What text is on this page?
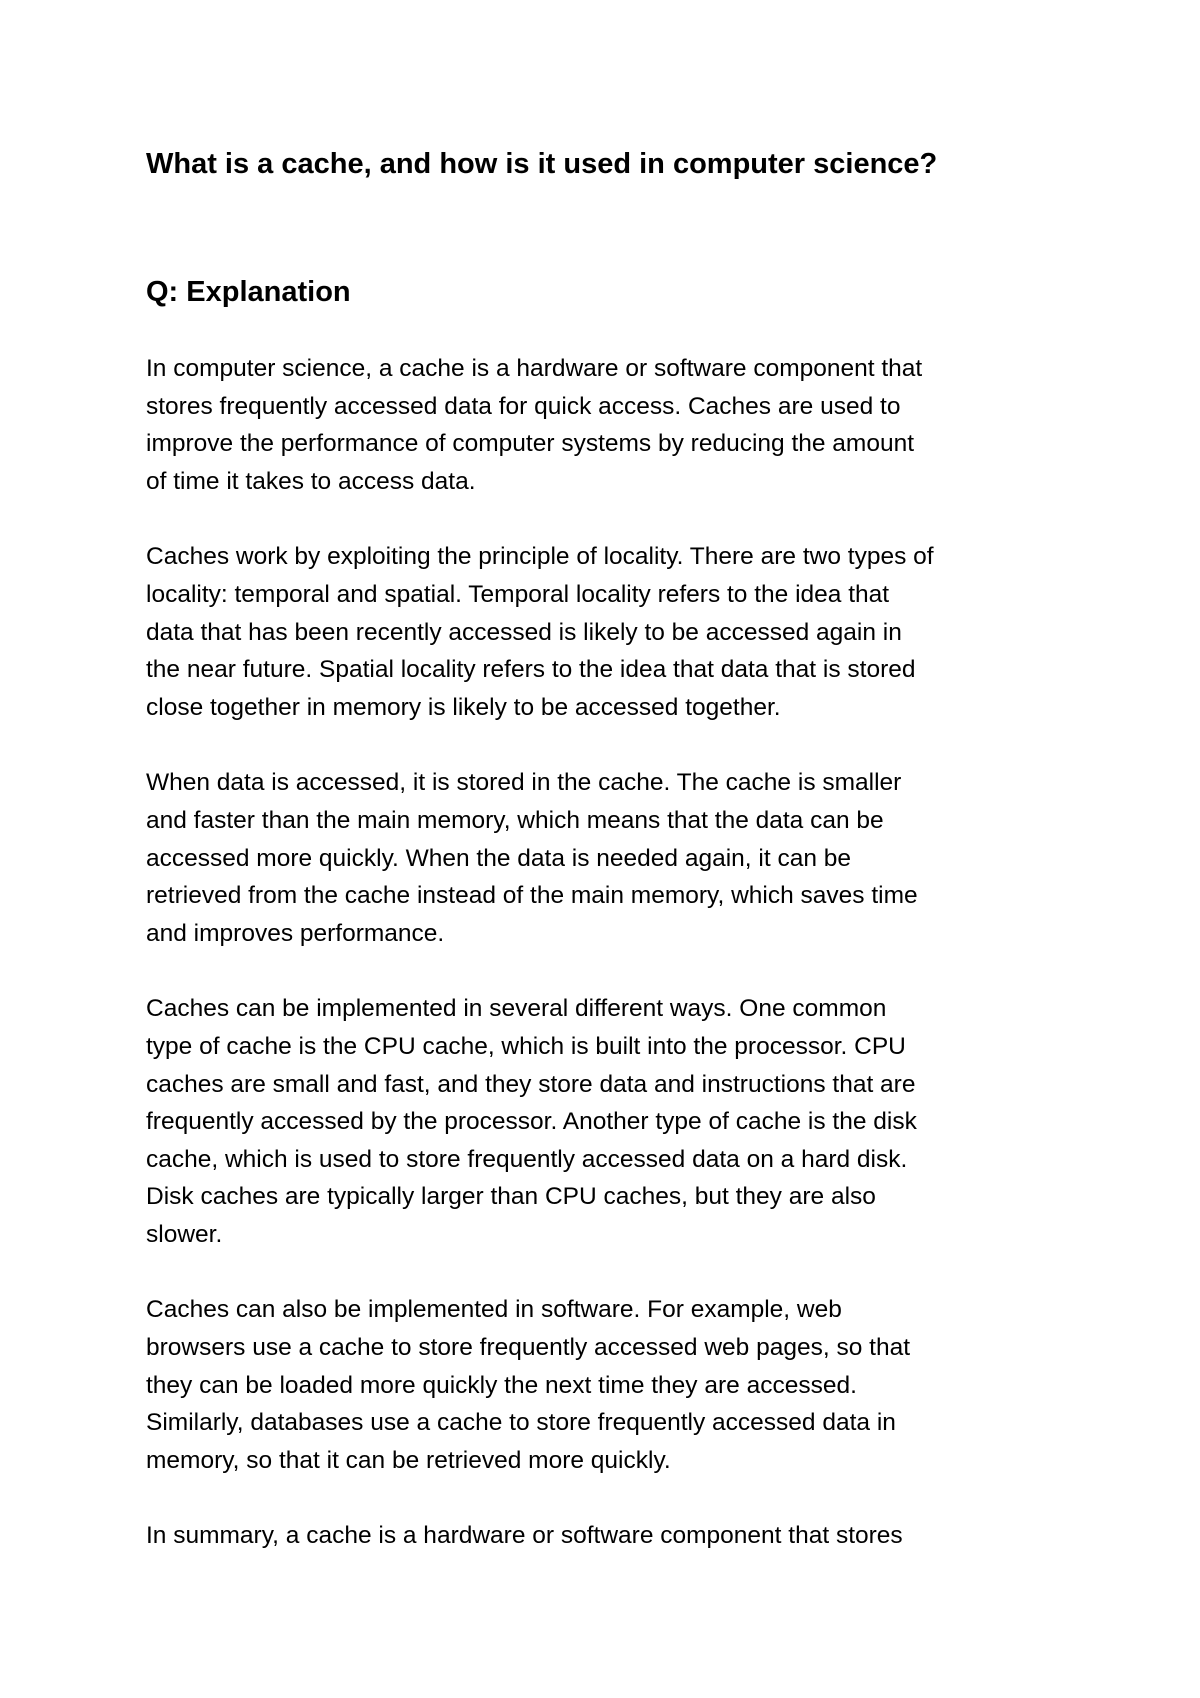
What is a cache, and how is it used in computer science?
Q: Explanation

In computer science, a cache is a hardware or software component that
stores frequently accessed data for quick access. Caches are used to
improve the performance of computer systems by reducing the amount
of time it takes to access data.

Caches work by exploiting the principle of locality. There are two types of
locality: temporal and spatial. Temporal locality refers to the idea that
data that has been recently accessed is likely to be accessed again in
the near future. Spatial locality refers to the idea that data that is stored
close together in memory is likely to be accessed together.

When data is accessed, it is stored in the cache. The cache is smaller
and faster than the main memory, which means that the data can be
accessed more quickly. When the data is needed again, it can be
retrieved from the cache instead of the main memory, which saves time
and improves performance.

Caches can be implemented in several different ways. One common
type of cache is the CPU cache, which is built into the processor. CPU
caches are small and fast, and they store data and instructions that are
frequently accessed by the processor. Another type of cache is the disk
cache, which is used to store frequently accessed data on a hard disk.
Disk caches are typically larger than CPU caches, but they are also
slower.

Caches can also be implemented in software. For example, web
browsers use a cache to store frequently accessed web pages, so that
they can be loaded more quickly the next time they are accessed.
Similarly, databases use a cache to store frequently accessed data in
memory, so that it can be retrieved more quickly.

In summary, a cache is a hardware or software component that stores
